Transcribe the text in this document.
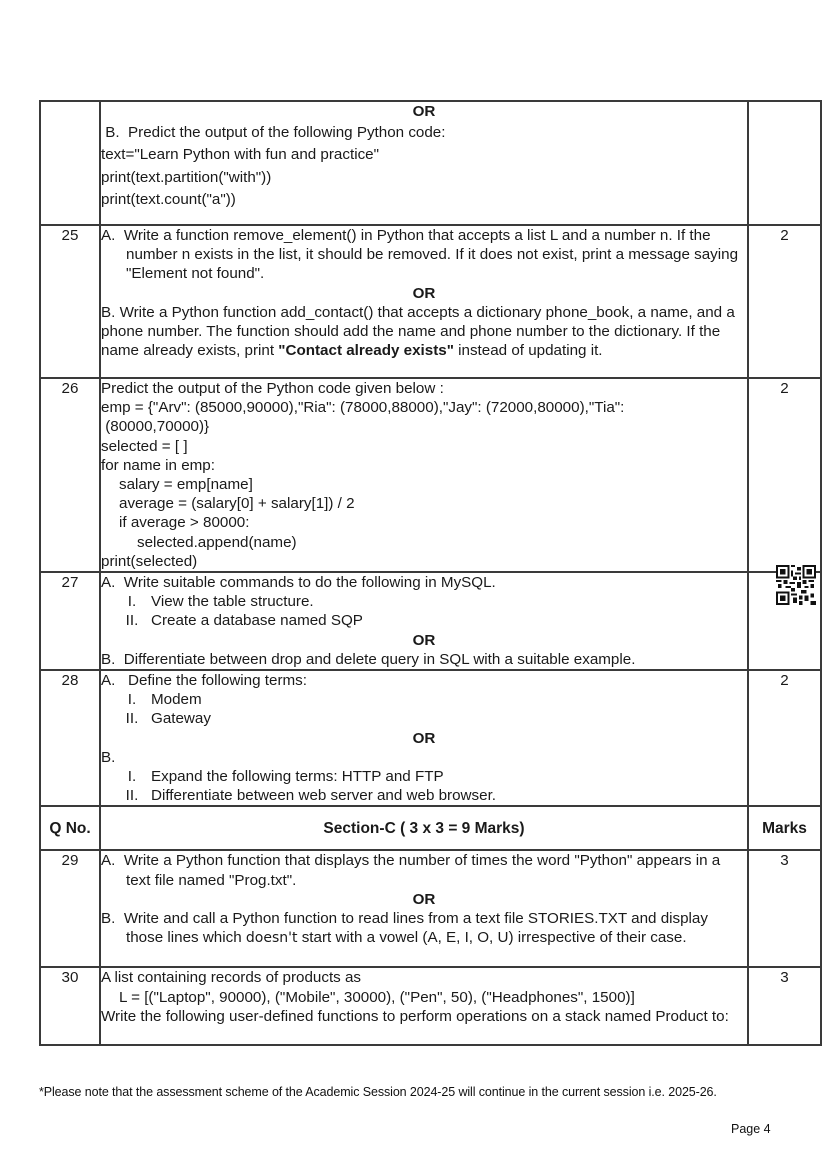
	OR
B.  Predict the output of the following Python code:
text="Learn Python with fun and practice"
print(text.partition("with"))
print(text.count("a"))	

25	A. Write a function remove_element() in Python that accepts a list L and a number n. If the number n exists in the list, it should be removed. If it does not exist, print a message saying "Element not found".
OR
B. Write a Python function add_contact() that accepts a dictionary phone_book, a name, and a phone number. The function should add the name and phone number to the dictionary. If the name already exists, print "Contact already exists" instead of updating it.	2
26	Predict the output of the Python code given below :
emp = {"Arv": (85000,90000),"Ria": (78000,88000),"Jay": (72000,80000),"Tia":
(80000,70000)}
selected = [ ]
for name in emp:
salary = emp[name]
average = (salary[0] + salary[1]) / 2
if average > 80000:
selected.append(name)
print(selected)
	2
27	A.  Write suitable commands to do the following in MySQL.
I. View the table structure.
II. Create a database named SQP
OR
B.  Differentiate between drop and delete query in SQL with a suitable example.	

28	A.   Define the following terms:
I. Modem
II. Gateway
OR
B.
I. Expand the following terms: HTTP and FTP
II. Differentiate between web server and web browser.
	2
Q No.	Section-C ( 3 x 3 = 9 Marks)	Marks
29	A. Write a Python function that displays the number of times the word "Python" appears in a text file named "Prog.txt".
OR
B. Write and call a Python function to read lines from a text file STORIES.TXT and display those lines which doesn't start with a vowel (A, E, I, O, U) irrespective of their case.	3
30	A list containing records of products as
L = [("Laptop", 90000), ("Mobile", 30000), ("Pen", 50), ("Headphones", 1500)]
Write the following user-defined functions to perform operations on a stack named Product to:	3
*Please note that the assessment scheme of the Academic Session 2024-25 will continue in the current session i.e. 2025-26.
Page 4
